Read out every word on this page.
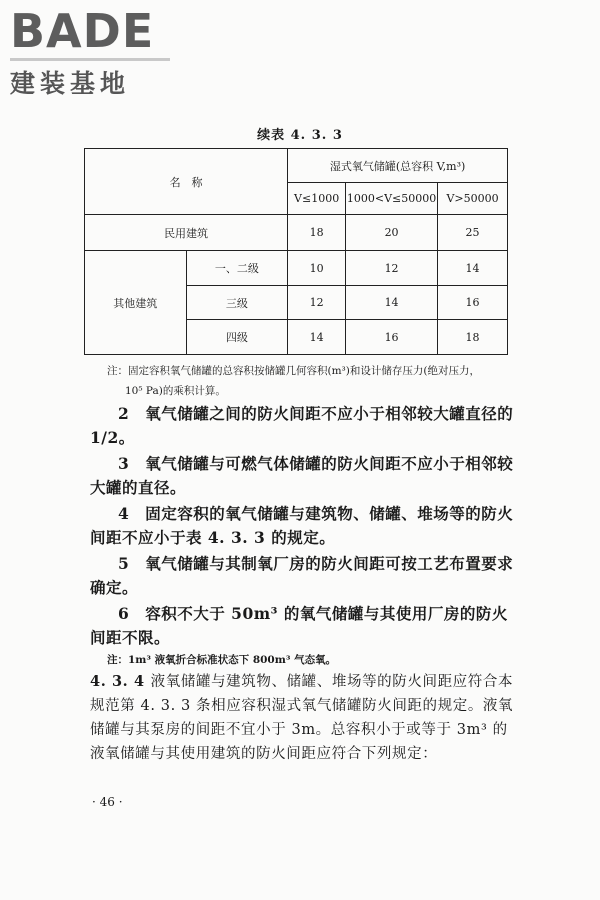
BADE
建装基地
续表 4. 3. 3
名　称		湿式氧气储罐(总容积 V,m³)		
		V≤1000	1000<V≤50000	V>50000
民用建筑		18	20	25
其他建筑	一、二级	10	12	14
	三级	12	14	16
	四级	14	16	18
注：固定容积氧气储罐的总容积按储罐几何容积(m³)和设计储存压力(绝对压力，
10⁵ Pa)的乘积计算。

2　氧气储罐之间的防火间距不应小于相邻较大罐直径的1/2。

3　氧气储罐与可燃气体储罐的防火间距不应小于相邻较大罐的直径。

4　固定容积的氧气储罐与建筑物、储罐、堆场等的防火间距不应小于表 4. 3. 3 的规定。

5　氧气储罐与其制氧厂房的防火间距可按工艺布置要求确定。

6　容积不大于 50m³ 的氧气储罐与其使用厂房的防火间距不限。

注：1m³ 液氧折合标准状态下 800m³ 气态氧。

4. 3. 4 液氧储罐与建筑物、储罐、堆场等的防火间距应符合本规范第 4. 3. 3 条相应容积湿式氧气储罐防火间距的规定。液氧储罐与其泵房的间距不宜小于 3m。总容积小于或等于 3m³ 的液氧储罐与其使用建筑的防火间距应符合下列规定：

· 46 ·
